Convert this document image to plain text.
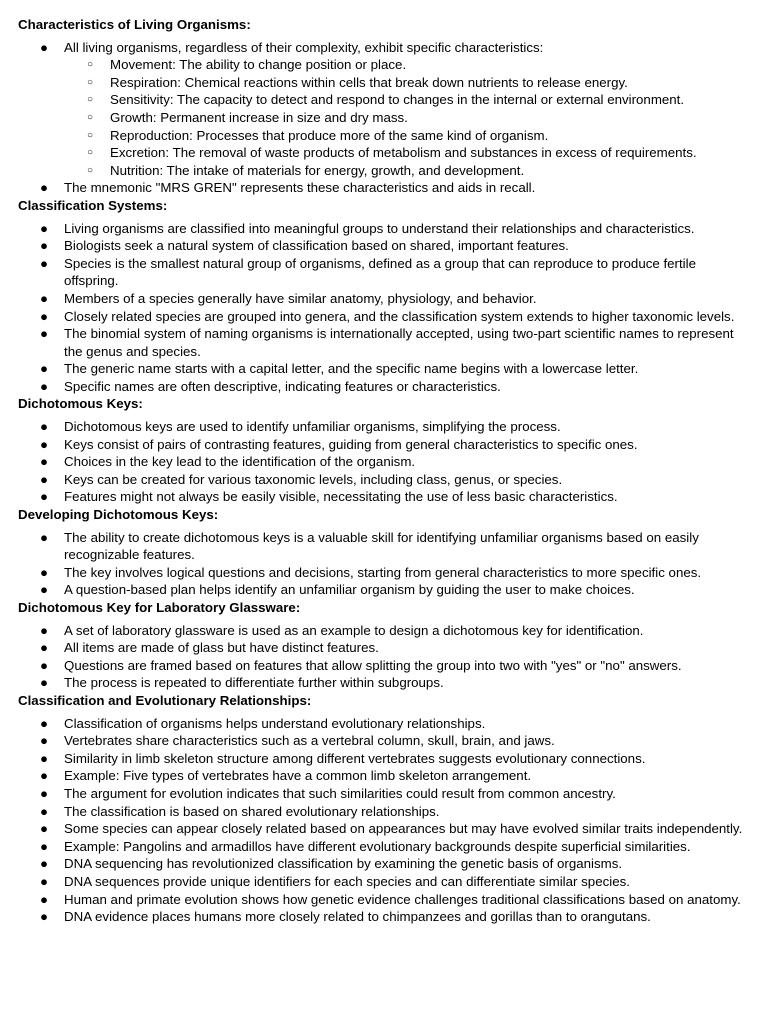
Characteristics of Living Organisms:
● All living organisms, regardless of their complexity, exhibit specific characteristics:
○ Movement: The ability to change position or place.
○ Respiration: Chemical reactions within cells that break down nutrients to release energy.
○ Sensitivity: The capacity to detect and respond to changes in the internal or external environment.
○ Growth: Permanent increase in size and dry mass.
○ Reproduction: Processes that produce more of the same kind of organism.
○ Excretion: The removal of waste products of metabolism and substances in excess of requirements.
○ Nutrition: The intake of materials for energy, growth, and development.
● The mnemonic "MRS GREN" represents these characteristics and aids in recall.
Classification Systems:
● Living organisms are classified into meaningful groups to understand their relationships and characteristics.
● Biologists seek a natural system of classification based on shared, important features.
● Species is the smallest natural group of organisms, defined as a group that can reproduce to produce fertile offspring.
● Members of a species generally have similar anatomy, physiology, and behavior.
● Closely related species are grouped into genera, and the classification system extends to higher taxonomic levels.
● The binomial system of naming organisms is internationally accepted, using two-part scientific names to represent the genus and species.
● The generic name starts with a capital letter, and the specific name begins with a lowercase letter.
● Specific names are often descriptive, indicating features or characteristics.
Dichotomous Keys:
● Dichotomous keys are used to identify unfamiliar organisms, simplifying the process.
● Keys consist of pairs of contrasting features, guiding from general characteristics to specific ones.
● Choices in the key lead to the identification of the organism.
● Keys can be created for various taxonomic levels, including class, genus, or species.
● Features might not always be easily visible, necessitating the use of less basic characteristics.
Developing Dichotomous Keys:
● The ability to create dichotomous keys is a valuable skill for identifying unfamiliar organisms based on easily recognizable features.
● The key involves logical questions and decisions, starting from general characteristics to more specific ones.
● A question-based plan helps identify an unfamiliar organism by guiding the user to make choices.
Dichotomous Key for Laboratory Glassware:
● A set of laboratory glassware is used as an example to design a dichotomous key for identification.
● All items are made of glass but have distinct features.
● Questions are framed based on features that allow splitting the group into two with "yes" or "no" answers.
● The process is repeated to differentiate further within subgroups.
Classification and Evolutionary Relationships:
● Classification of organisms helps understand evolutionary relationships.
● Vertebrates share characteristics such as a vertebral column, skull, brain, and jaws.
● Similarity in limb skeleton structure among different vertebrates suggests evolutionary connections.
● Example: Five types of vertebrates have a common limb skeleton arrangement.
● The argument for evolution indicates that such similarities could result from common ancestry.
● The classification is based on shared evolutionary relationships.
● Some species can appear closely related based on appearances but may have evolved similar traits independently.
● Example: Pangolins and armadillos have different evolutionary backgrounds despite superficial similarities.
● DNA sequencing has revolutionized classification by examining the genetic basis of organisms.
● DNA sequences provide unique identifiers for each species and can differentiate similar species.
● Human and primate evolution shows how genetic evidence challenges traditional classifications based on anatomy.
● DNA evidence places humans more closely related to chimpanzees and gorillas than to orangutans.
